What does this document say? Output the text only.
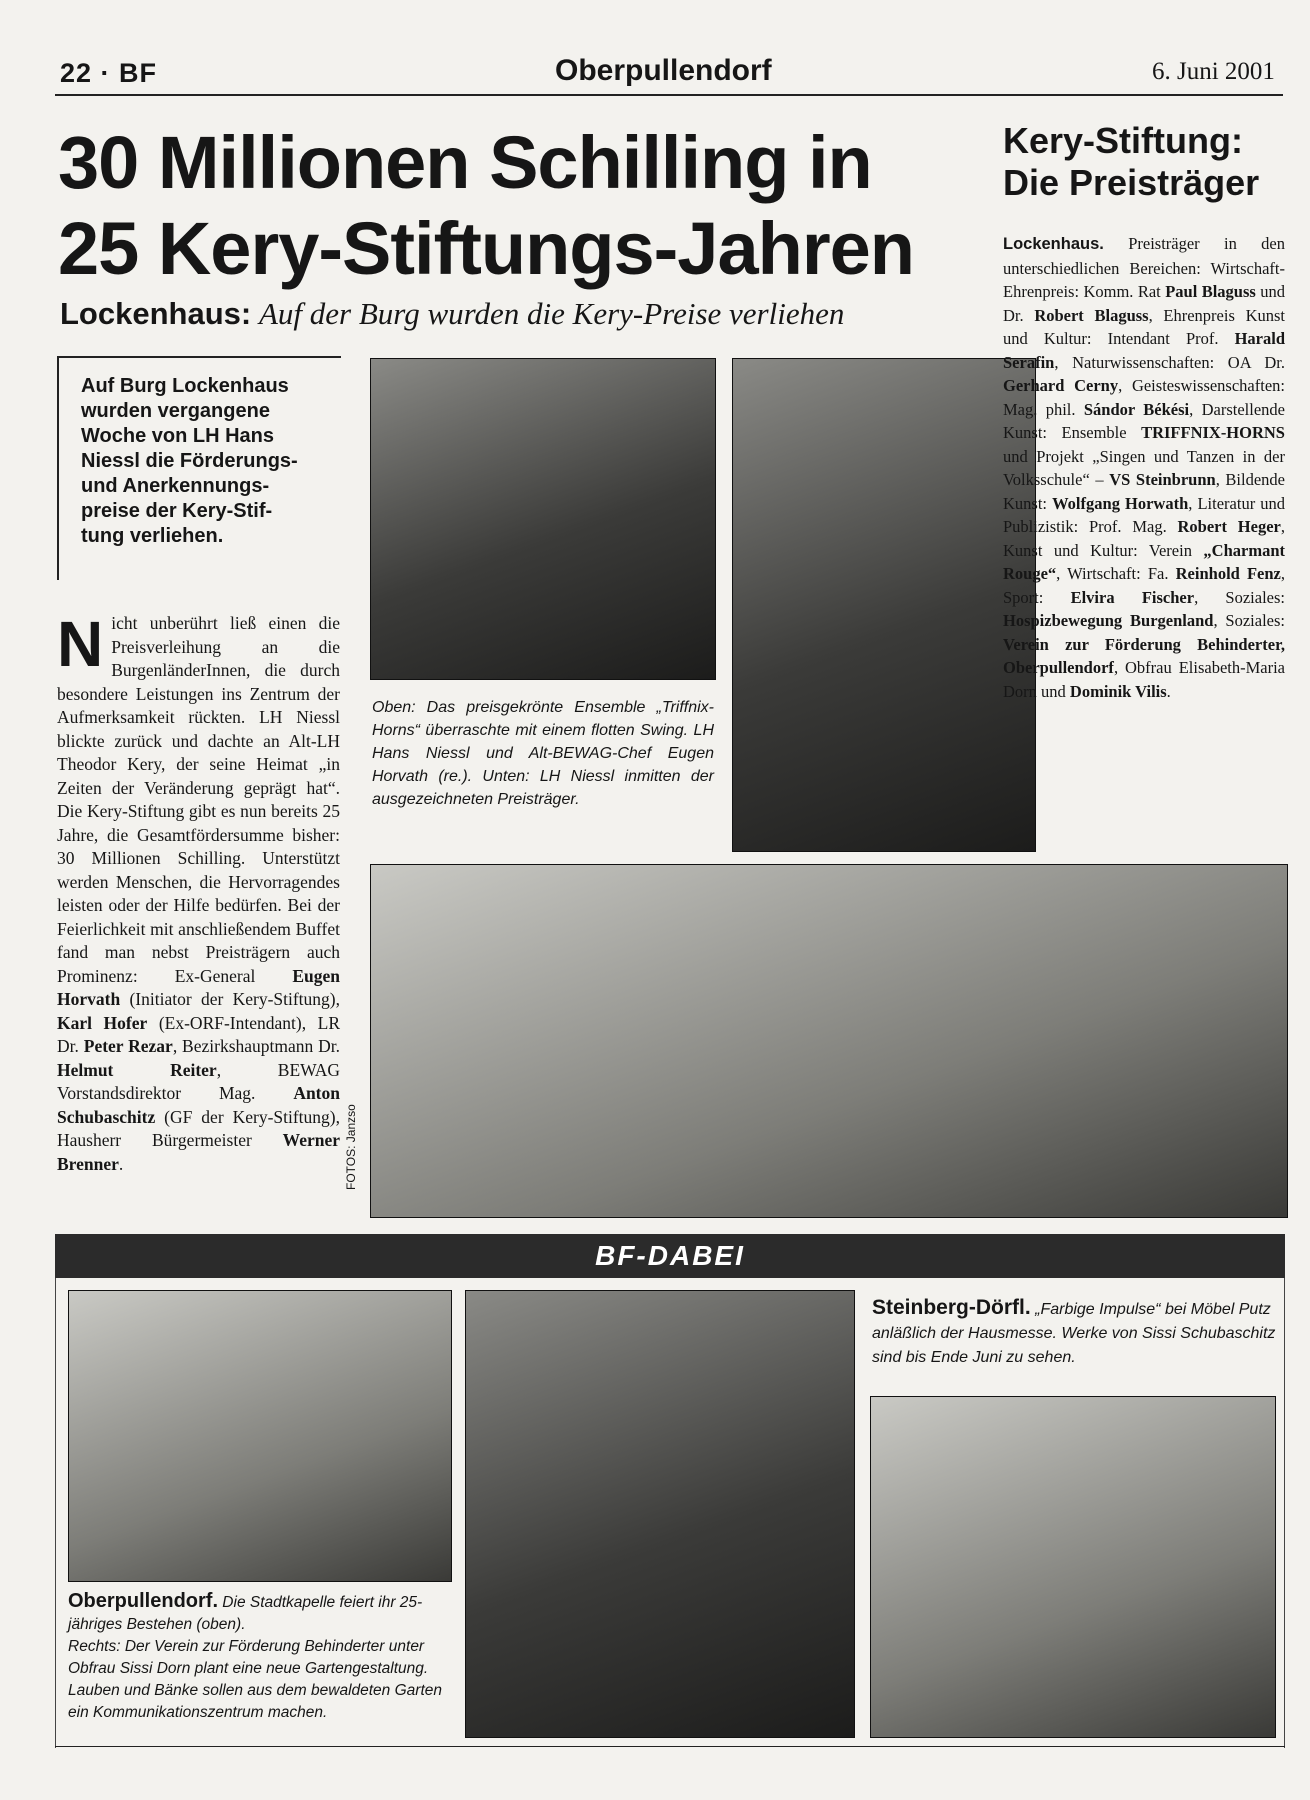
22 · BF	Oberpullendorf	6. Juni 2001
30 Millionen Schilling in
25 Kery-Stiftungs-Jahren
Lockenhaus: Auf der Burg wurden die Kery-Preise verliehen
Auf Burg Lockenhaus wurden vergangene Woche von LH Hans Niessl die Förderungs- und Anerkennungs-preise der Kery-Stif-tung verliehen.
Nicht unberührt ließ einen die Preisverleihung an die BurgenländerInnen, die durch besondere Leistungen ins Zentrum der Aufmerksamkeit rückten. LH Niessl blickte zurück und dachte an Alt-LH Theodor Kery, der seine Heimat „in Zeiten der Veränderung geprägt hat“. Die Kery-Stiftung gibt es nun bereits 25 Jahre, die Gesamtfördersumme bisher: 30 Millionen Schilling. Unterstützt werden Menschen, die Hervorragendes leisten oder der Hilfe bedürfen. Bei der Feierlichkeit mit anschließendem Buffet fand man nebst Preisträgern auch Prominenz: Ex-General Eugen Horvath (Initiator der Kery-Stiftung), Karl Hofer (Ex-ORF-Intendant), LR Dr. Peter Rezar, Bezirkshauptmann Dr. Helmut Reiter, BEWAG Vorstandsdirektor Mag. Anton Schubaschitz (GF der Kery-Stiftung), Hausherr Bürgermeister Werner Brenner.
Oben: Das preisgekrönte Ensemble „Triffnix-Horns“ überraschte mit einem flotten Swing. LH Hans Niessl und Alt-BEWAG-Chef Eugen Horvath (re.). Unten: LH Niessl inmitten der ausgezeichneten Preisträger.
Kery-Stiftung:
Die Preisträger
Lockenhaus. Preisträger in den unterschiedlichen Bereichen: Wirtschaft-Ehrenpreis: Komm. Rat Paul Blaguss und Dr. Robert Blaguss, Ehrenpreis Kunst und Kultur: Intendant Prof. Harald Serafin, Naturwissenschaften: OA Dr. Gerhard Cerny, Geisteswissenschaften: Mag. phil. Sándor Békési, Darstellende Kunst: Ensemble TRIFFNIX-HORNS und Projekt „Singen und Tanzen in der Volksschule“ – VS Steinbrunn, Bildende Kunst: Wolfgang Horwath, Literatur und Publizistik: Prof. Mag. Robert Heger, Kunst und Kultur: Verein „Charmant Rouge“, Wirtschaft: Fa. Reinhold Fenz, Sport: Elvira Fischer, Soziales: Hospizbewegung Burgenland, Soziales: Verein zur Förderung Behinderter, Oberpullendorf, Obfrau Elisabeth-Maria Dorn und Dominik Vilis.
FOTOS: Janzso
BF-DABEI
Oberpullendorf. Die Stadtkapelle feiert ihr 25-jähriges Bestehen (oben).
Rechts: Der Verein zur Förderung Behinderter unter Obfrau Sissi Dorn plant eine neue Gartengestaltung. Lauben und Bänke sollen aus dem bewaldeten Garten ein Kommunikationszentrum machen.
Steinberg-Dörfl. „Farbige Impulse“ bei Möbel Putz anläßlich der Hausmesse. Werke von Sissi Schubaschitz sind bis Ende Juni zu sehen.
